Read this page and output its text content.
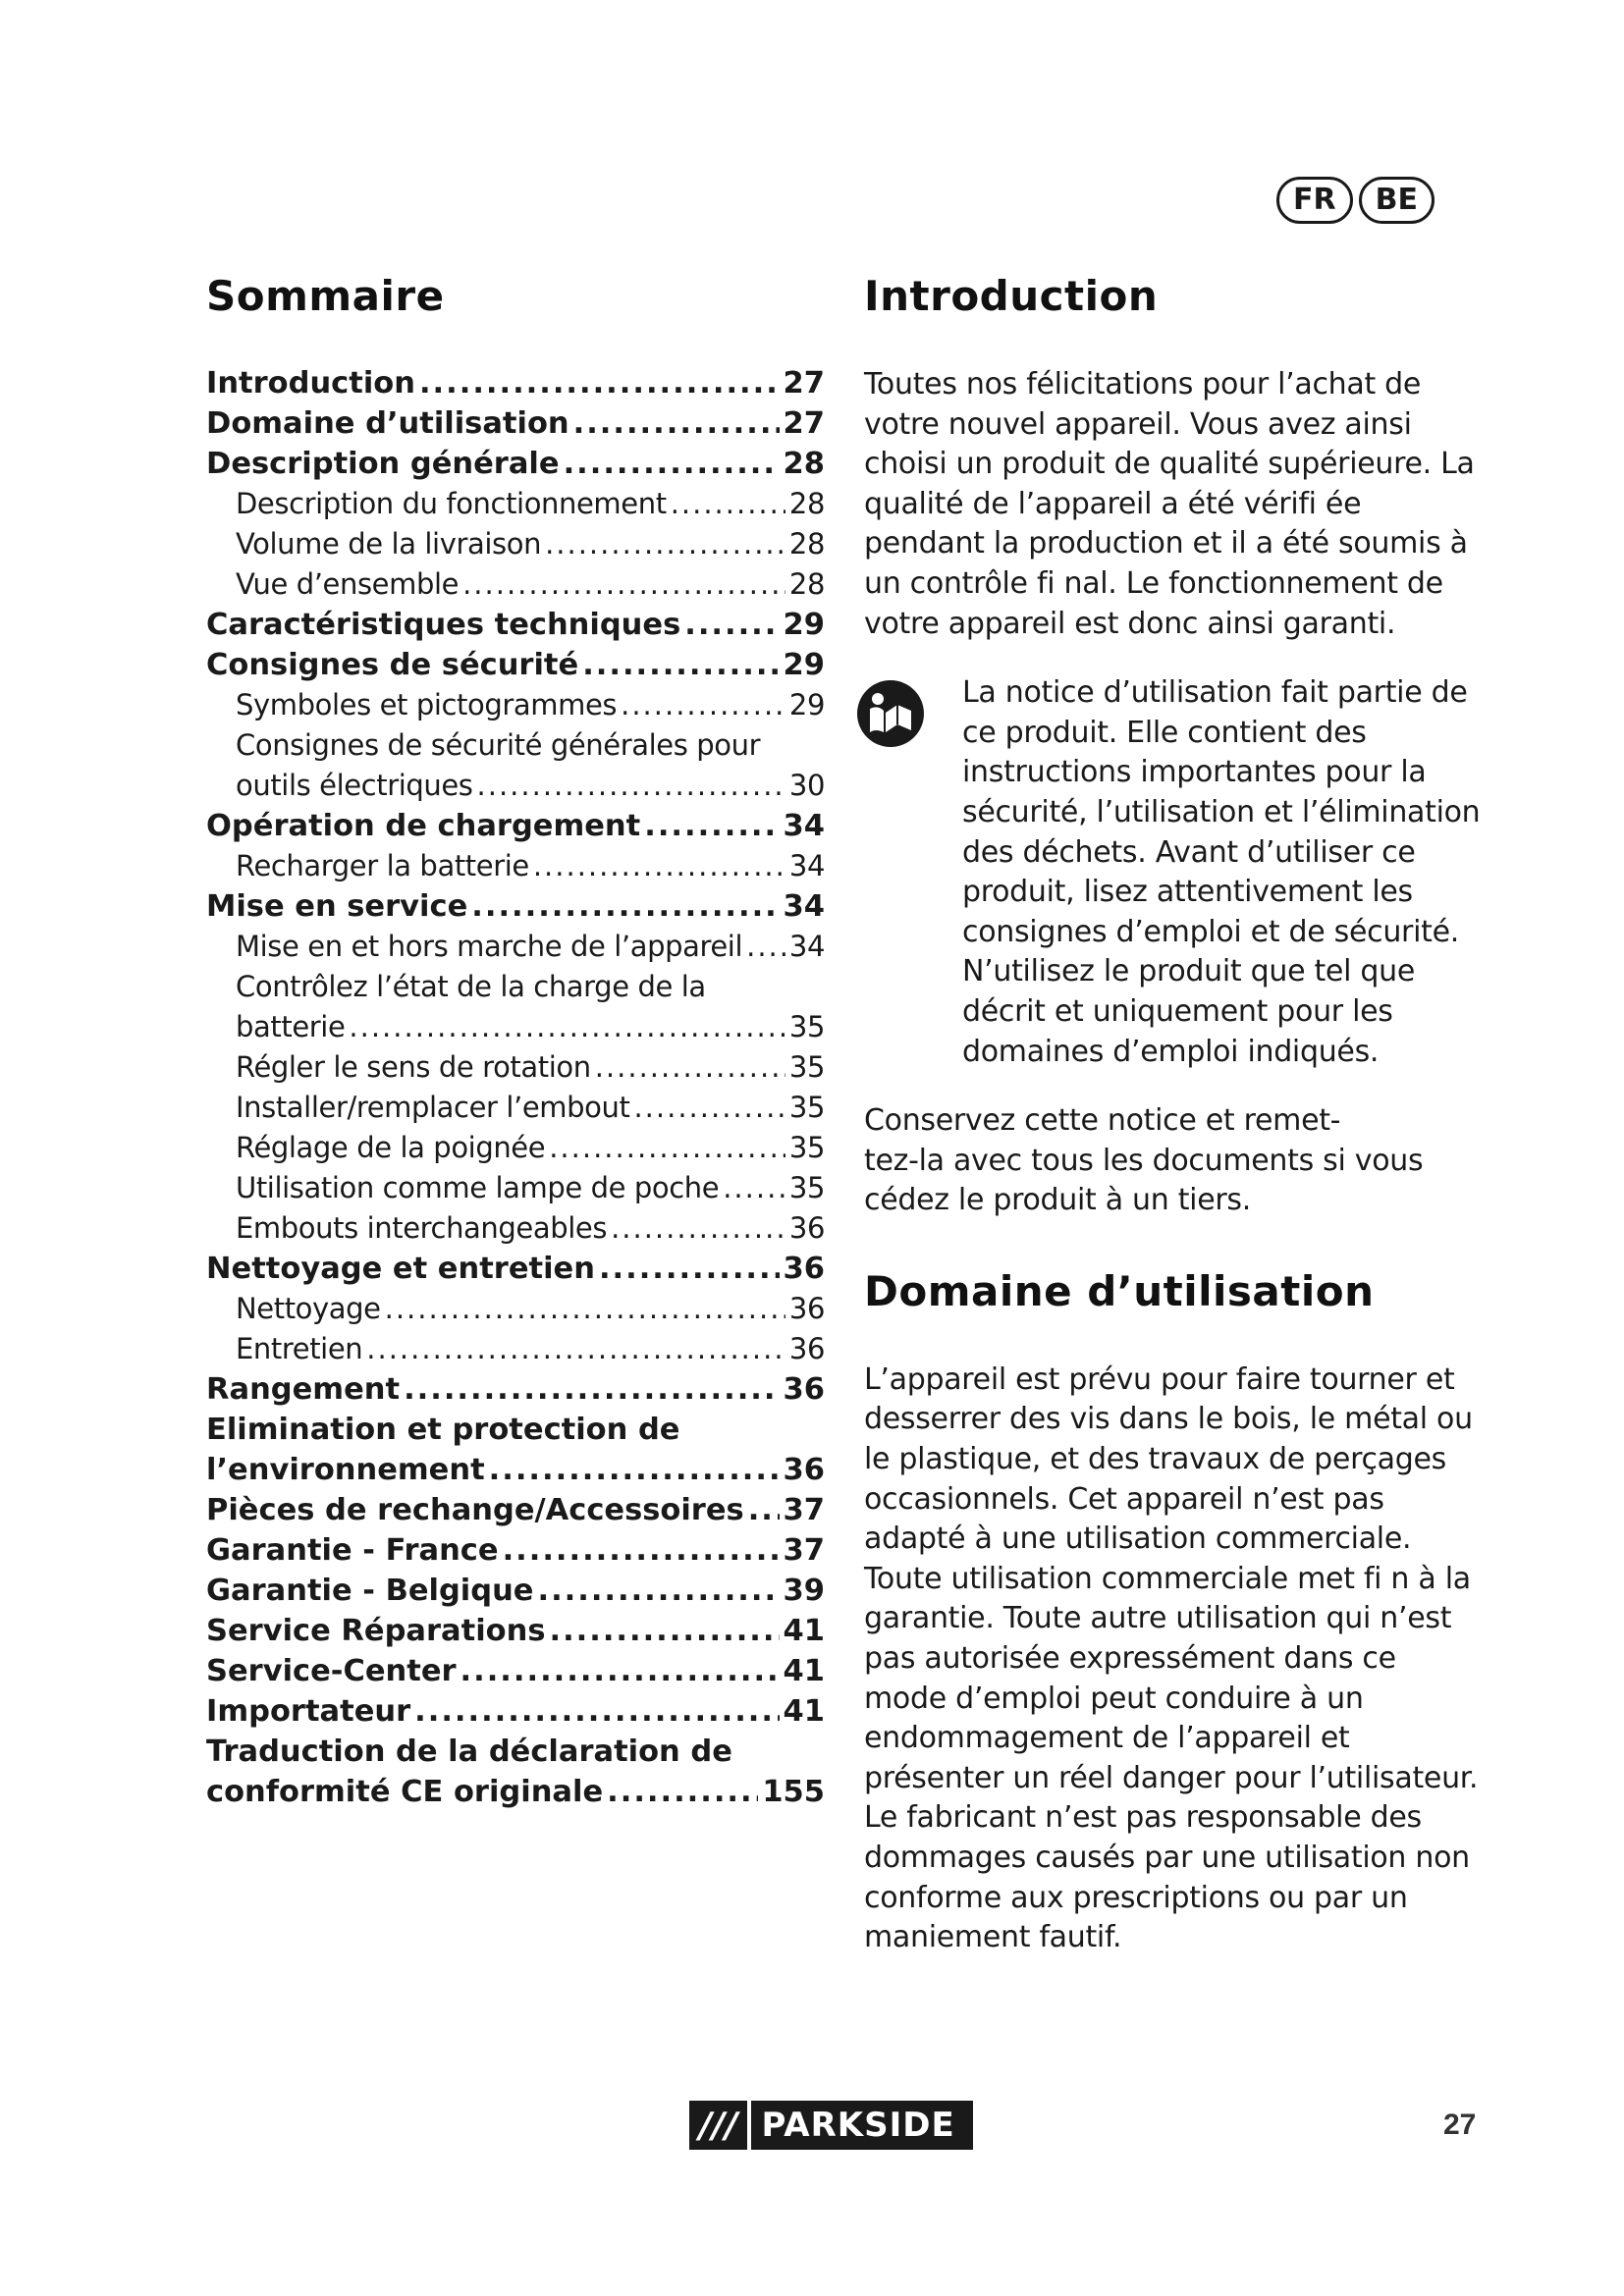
FR	BE
Sommaire
Introduction .....	27
Domaine d’utilisation .....	27
Description générale .....	28
Description du fonctionnement .....	28
Volume de la livraison .....	28
Vue d’ensemble .....	28
Caractéristiques techniques .....	29
Consignes de sécurité .....	29
Symboles et pictogrammes .....	29
Consignes de sécurité générales pour
outils électriques .....	30
Opération de chargement .....	34
Recharger la batterie .....	34
Mise en service .....	34
Mise en et hors marche de l’appareil ..... 34
Contrôlez l’état de la charge de la
batterie .....	35
Régler le sens de rotation .....	35
Installer/remplacer l’embout .....	35
Réglage de la poignée .....	35
Utilisation comme lampe de poche ..... 35
Embouts interchangeables .....	36
Nettoyage et entretien .....	36
Nettoyage .....	36
Entretien .....	36
Rangement .....	36
Elimination et protection de
l’environnement .....	36
Pièces de rechange/Accessoires ..... 37
Garantie - France .....	37
Garantie - Belgique .....	39
Service Réparations .....	41
Service-Center .....	41
Importateur .....	41
Traduction de la déclaration de
conformité CE originale .....	155
Introduction

Toutes nos félicitations pour l’achat de votre nouvel appareil. Vous avez ainsi choisi un produit de qualité supérieure. La qualité de l’appareil a été vérifi ée pendant la production et il a été soumis à un contrôle fi nal. Le fonctionnement de votre appareil est donc ainsi garanti.

La notice d’utilisation fait partie de ce produit. Elle contient des instructions importantes pour la sécurité, l’utilisation et l’élimination des déchets. Avant d’utiliser ce produit, lisez attentivement les consignes d’emploi et de sécurité. N’utilisez le produit que tel que décrit et uniquement pour les domaines d’emploi indiqués.

Conservez cette notice et remet-

tez-la avec tous les documents si vous cédez le produit à un tiers.

Domaine d’utilisation

L’appareil est prévu pour faire tourner et desserrer des vis dans le bois, le métal ou le plastique, et des travaux de perçages occasionnels. Cet appareil n’est pas adapté à une utilisation commerciale. Toute utilisation commerciale met fi n à la garantie. Toute autre utilisation qui n’est pas autorisée expressément dans ce mode d’emploi peut conduire à un endommagement de l’appareil et présenter un réel danger pour l’utilisateur.

Le fabricant n’est pas responsable des dommages causés par une utilisation non conforme aux prescriptions ou par un maniement fautif.

/// PARKSIDE	27
